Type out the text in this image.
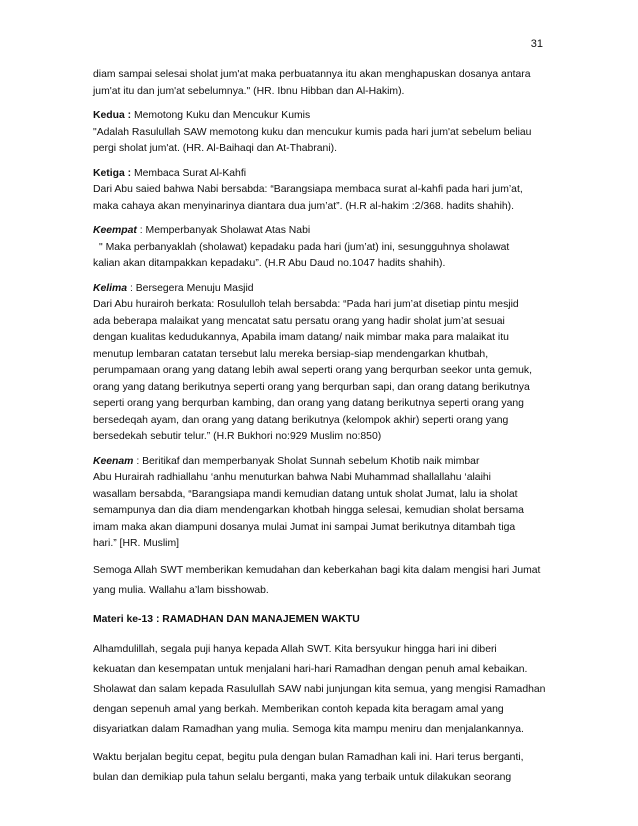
31
diam sampai selesai sholat jum'at maka perbuatannya itu akan menghapuskan dosanya antara
jum'at itu dan jum'at sebelumnya." (HR. Ibnu Hibban dan Al-Hakim).
Kedua : Memotong Kuku dan Mencukur Kumis
"Adalah Rasulullah SAW memotong kuku dan mencukur kumis pada hari jum'at sebelum beliau
pergi sholat jum'at. (HR. Al-Baihaqi dan At-Thabrani).
Ketiga : Membaca Surat Al-Kahfi
Dari Abu saied bahwa Nabi bersabda: “Barangsiapa membaca surat al-kahfi pada hari jum’at,
maka cahaya akan menyinarinya diantara dua jum’at”. (H.R al-hakim :2/368. hadits shahih).
Keempat : Memperbanyak Sholawat Atas Nabi
" Maka perbanyaklah (sholawat) kepadaku pada hari (jum’at) ini, sesungguhnya sholawat
kalian akan ditampakkan kepadaku”. (H.R Abu Daud no.1047 hadits shahih).
Kelima : Bersegera Menuju Masjid
Dari Abu hurairoh berkata: Rosululloh telah bersabda: “Pada hari jum’at disetiap pintu mesjid
ada beberapa malaikat yang mencatat satu persatu orang yang hadir sholat jum’at sesuai
dengan kualitas kedudukannya, Apabila imam datang/ naik mimbar maka para malaikat itu
menutup lembaran catatan tersebut lalu mereka bersiap-siap mendengarkan khutbah,
perumpamaan orang yang datang lebih awal seperti orang yang berqurban seekor unta gemuk,
orang yang datang berikutnya seperti orang yang berqurban sapi, dan orang datang berikutnya
seperti orang yang berqurban kambing, dan orang yang datang berikutnya seperti orang yang
bersedeqah ayam, dan orang yang datang berikutnya (kelompok akhir) seperti orang yang
bersedekah sebutir telur.” (H.R Bukhori no:929 Muslim no:850)
Keenam : Beritikaf dan memperbanyak Sholat Sunnah sebelum Khotib naik mimbar
Abu Hurairah radhiallahu ‘anhu menuturkan bahwa Nabi Muhammad shallallahu ‘alaihi
wasallam bersabda, “Barangsiapa mandi kemudian datang untuk sholat Jumat, lalu ia sholat
semampunya dan dia diam mendengarkan khotbah hingga selesai, kemudian sholat bersama
imam maka akan diampuni dosanya mulai Jumat ini sampai Jumat berikutnya ditambah tiga
hari.” [HR. Muslim]
Semoga Allah SWT memberikan kemudahan dan keberkahan bagi kita dalam mengisi hari Jumat
yang mulia. Wallahu a’lam bisshowab.
Materi ke-13 : RAMADHAN DAN MANAJEMEN WAKTU
Alhamdulillah, segala puji hanya kepada Allah SWT. Kita bersyukur hingga hari ini diberi
kekuatan dan kesempatan untuk menjalani hari-hari Ramadhan dengan penuh amal kebaikan.
Sholawat dan salam kepada Rasulullah SAW nabi junjungan kita semua, yang mengisi Ramadhan
dengan sepenuh amal yang berkah. Memberikan contoh kepada kita beragam amal yang
disyariatkan dalam Ramadhan yang mulia. Semoga kita mampu meniru dan menjalankannya.
Waktu berjalan begitu cepat, begitu pula dengan bulan Ramadhan kali ini. Hari terus berganti,
bulan dan demikiap pula tahun selalu berganti, maka yang terbaik untuk dilakukan seorang
